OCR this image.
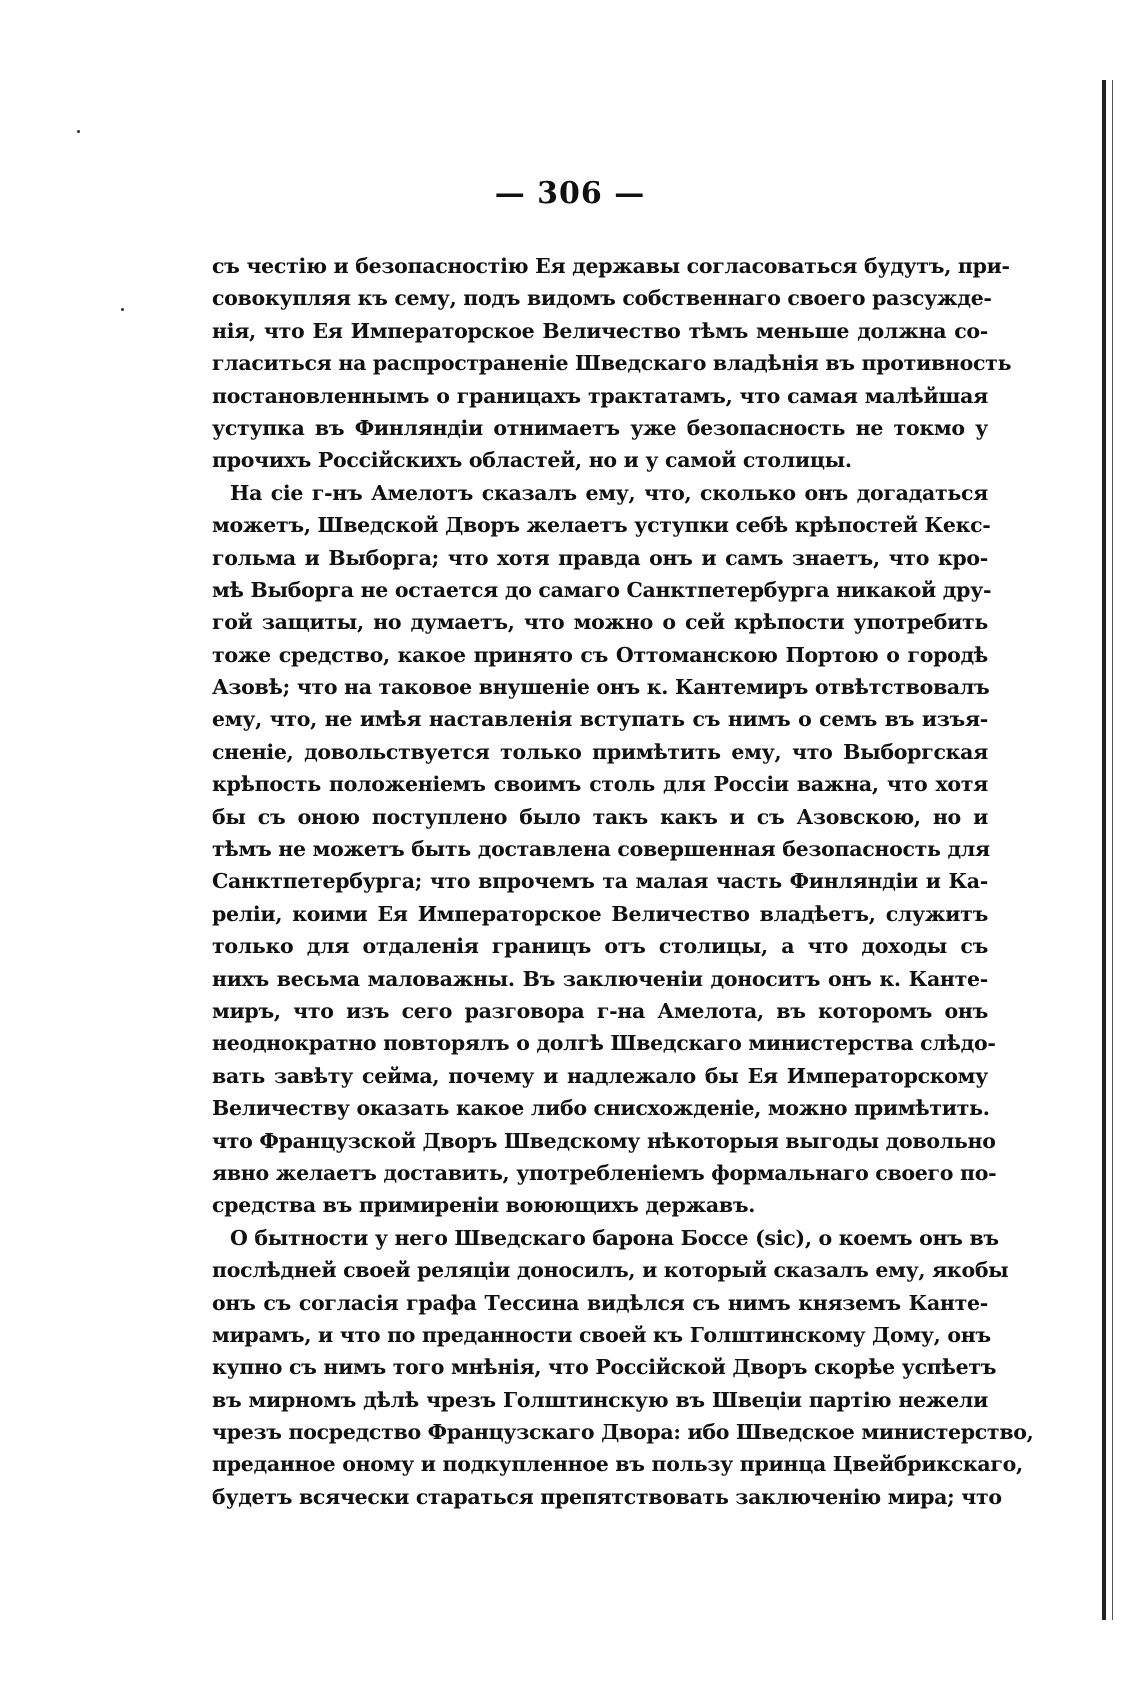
— 306 —
съ честію и безопасностію Ея державы согласоваться будутъ, при-
совокупляя къ сему, подъ видомъ собственнаго своего разсужде-
нія, что Ея Императорское Величество тѣмъ меньше должна со-
гласиться на распространеніе Шведскаго владѣнія въ противность
постановленнымъ о границахъ трактатамъ, что самая малѣйшая
уступка въ Финляндіи отнимаетъ уже безопасность не токмо у
прочихъ Россійскихъ областей, но и у самой столицы.
На сіе г-нъ Амелотъ сказалъ ему, что, сколько онъ догадаться
можетъ, Шведской Дворъ желаетъ уступки себѣ крѣпостей Кекс-
гольма и Выборга; что хотя правда онъ и самъ знаетъ, что кро-
мѣ Выборга не остается до самаго Санктпетербурга никакой дру-
гой защиты, но думаетъ, что можно о сей крѣпости употребить
тоже средство, какое принято съ Оттоманскою Портою о городѣ
Азовѣ; что на таковое внушеніе онъ к. Кантемиръ отвѣтствовалъ
ему, что, не имѣя наставленія вступать съ нимъ о семъ въ изъя-
сненіе, довольствуется только примѣтить ему, что Выборгская
крѣпость положеніемъ своимъ столь для Россіи важна, что хотя
бы съ оною поступлено было такъ какъ и съ Азовскою, но и
тѣмъ не можетъ быть доставлена совершенная безопасность для
Санктпетербурга; что впрочемъ та малая часть Финляндіи и Ка-
реліи, коими Ея Императорское Величество владѣетъ, служитъ
только для отдаленія границъ отъ столицы, а что доходы съ
нихъ весьма маловажны. Въ заключеніи доноситъ онъ к. Канте-
миръ, что изъ сего разговора г-на Амелота, въ которомъ онъ
неоднократно повторялъ о долгѣ Шведскаго министерства слѣдо-
вать завѣту сейма, почему и надлежало бы Ея Императорскому
Величеству оказать какое либо снисхожденіе, можно примѣтить.
что Французской Дворъ Шведскому нѣкоторыя выгоды довольно
явно желаетъ доставить, употребленіемъ формальнаго своего по-
средства въ примиреніи воюющихъ державъ.
О бытности у него Шведскаго барона Боссе (sic), о коемъ онъ въ
послѣдней своей реляціи доносилъ, и который сказалъ ему, якобы
онъ съ согласія графа Тессина видѣлся съ нимъ княземъ Канте-
мирамъ, и что по преданности своей къ Голштинскому Дому, онъ
купно съ нимъ того мнѣнія, что Россійской Дворъ скорѣе успѣетъ
въ мирномъ дѣлѣ чрезъ Голштинскую въ Швеціи партію нежели
чрезъ посредство Французскаго Двора: ибо Шведское министерство,
преданное оному и подкупленное въ пользу принца Цвейбрикскаго,
будетъ всячески стараться препятствовать заключенію мира; что
